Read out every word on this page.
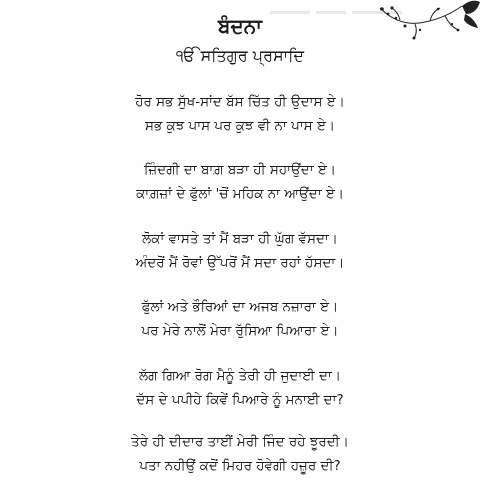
ਬੰਦਨਾ
ੴ ਸਤਿਗੁਰ ਪ੍ਰਸਾਦਿ
ਹੋਰ ਸਭ ਸੁੱਖ-ਸਾਂਦ ਬੱਸ ਚਿੱਤ ਹੀ ਉਦਾਸ ਏ।
ਸਭ ਕੁਝ ਪਾਸ ਪਰ ਕੁਝ ਵੀ ਨਾ ਪਾਸ ਏ।
ਜ਼ਿੰਦਗੀ ਦਾ ਬਾਗ਼ ਬੜਾ ਹੀ ਸਹਾਉਂਦਾ ਏ।
ਕਾਗ਼ਜ਼ਾਂ ਦੇ ਫੁੱਲਾਂ 'ਚੋਂ ਮਹਿਕ ਨਾ ਆਉਂਦਾ ਏ।
ਲੋਕਾਂ ਵਾਸਤੇ ਤਾਂ ਮੈਂ ਬੜਾ ਹੀ ਘੁੱਗ ਵੱਸਦਾ।
ਅੰਦਰੋਂ ਮੈਂ ਰੋਵਾਂ ਉੱਪਰੋਂ ਮੈਂ ਸਦਾ ਰਹਾਂ ਹੱਸਦਾ।
ਫੁੱਲਾਂ ਅਤੇ ਭੌਰਿਆਂ ਦਾ ਅਜਬ ਨਜ਼ਾਰਾ ਏ।
ਪਰ ਮੇਰੇ ਨਾਲੋਂ ਮੇਰਾ ਰੁੱਸਿਆ ਪਿਆਰਾ ਏ।
ਲੱਗ ਗਿਆ ਰੋਗ ਮੈਨੂੰ ਤੇਰੀ ਹੀ ਜੁਦਾਈ ਦਾ।
ਦੱਸ ਦੇ ਪਪੀਹੇ ਕਿਵੇਂ ਪਿਆਰੇ ਨੂੰ ਮਨਾਈ ਦਾ?
ਤੇਰੇ ਹੀ ਦੀਦਾਰ ਤਾਈਂ ਮੇਰੀ ਜਿੰਦ ਰਹੇ ਝੂਰਦੀ।
ਪਤਾ ਨਹੀਉਂ ਕਦੋਂ ਮਿਹਰ ਹੋਵੇਗੀ ਹਜ਼ੂਰ ਦੀ?
